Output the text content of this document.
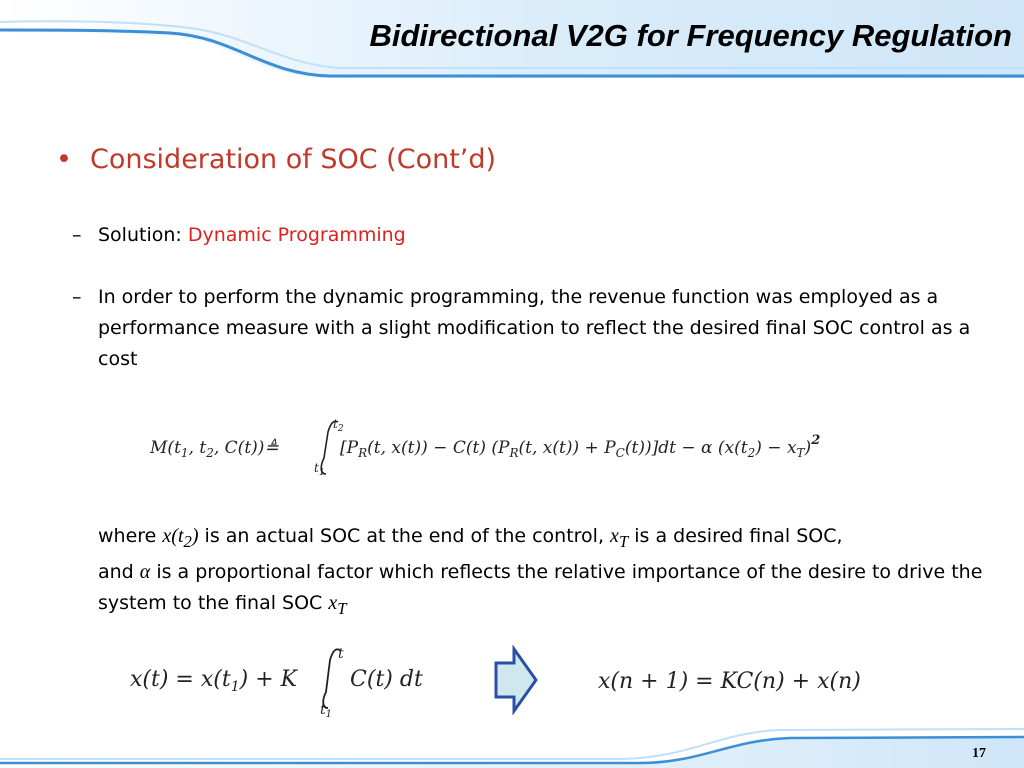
Bidirectional V2G for Frequency Regulation
• Consideration of SOC (Cont’d)
– Solution: Dynamic Programming
– In order to perform the dynamic programming, the revenue function was employed as a performance measure with a slight modification to reflect the desired final SOC control as a cost
$M(t_1$, $t_2$, C(t))≜
$t_2$
$t_1$
[$P_R(t$, x(t)) − C(t) ($P_R(t$, $x(t)) + P_C(t))]dt - \alpha$ $(x(t_2) - x_T)^2$
where $x(t_2)$ is an actual SOC at the end of the control, $x_T$ is a desired final SOC,
and α is a proportional factor which reflects the relative importance of the desire to drive the system to the final SOC $x_T$
$x(t) = x(t_1) + K$
t
$t_1$
C(t) dt	x(n + 1) = KC(n) + x(n)
17
